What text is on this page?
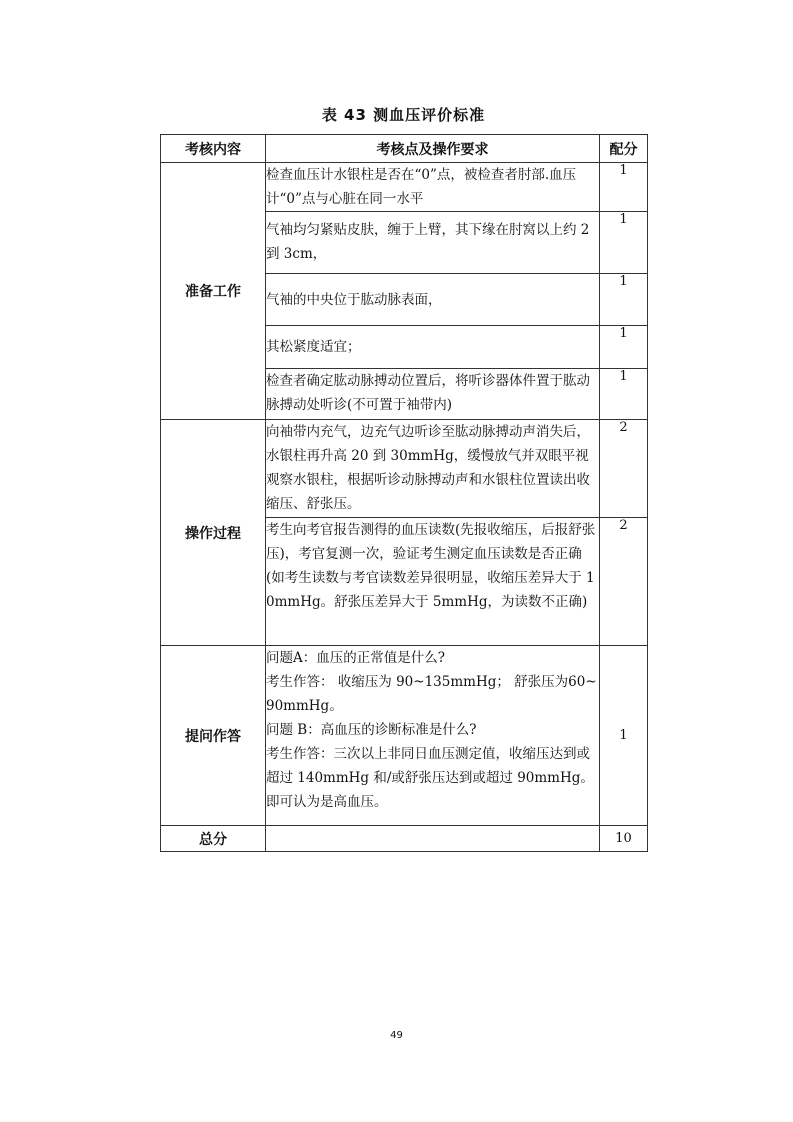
表 43 测血压评价标准
考核内容	考核点及操作要求	配分
准备工作	检查血压计水银柱是否在“0”点，被检查者肘部.血压计“0”点与心脏在同一水平	1
	气袖均匀紧贴皮肤，缠于上臂，其下缘在肘窝以上约 2 到 3cm，	1
	气袖的中央位于肱动脉表面，	1
	其松紧度适宜；	1
	检查者确定肱动脉搏动位置后，将听诊器体件置于肱动脉搏动处听诊(不可置于袖带内)	1
操作过程	向袖带内充气，边充气边听诊至肱动脉搏动声消失后，水银柱再升高 20 到 30mmHg，缓慢放气并双眼平视观察水银柱，根据听诊动脉搏动声和水银柱位置读出收缩压、舒张压。	2
	考生向考官报告测得的血压读数(先报收缩压，后报舒张压)，考官复测一次，验证考生测定血压读数是否正确 (如考生读数与考官读数差异很明显，收缩压差异大于 10mmHg。舒张压差异大于 5mmHg，为读数不正确)	2
提问作答	问题A：血压的正常值是什么?

考生作答： 收缩压为 90~135mmHg； 舒张压为60~90mmHg。

问题 B：高血压的诊断标准是什么?

考生作答：三次以上非同日血压测定值，收缩压达到或超过 140mmHg 和/或舒张压达到或超过 90mmHg。即可认为是高血压。	1
总分		10
49
